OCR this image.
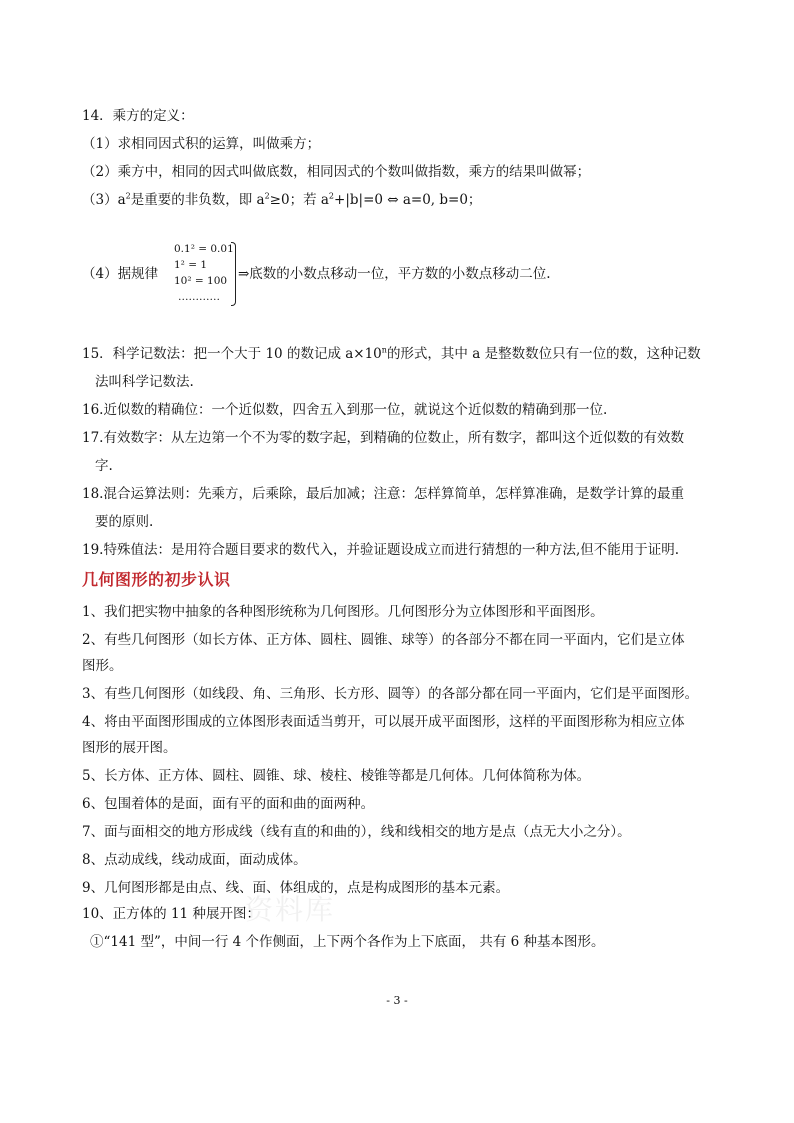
14．乘方的定义：
（1）求相同因式积的运算，叫做乘方；
（2）乘方中，相同的因式叫做底数，相同因式的个数叫做指数，乘方的结果叫做幂；
$(3)a^2$是重要的非负数，即 $a^2\ge 0$；若 $a^2+|b|=0$ ⇔ a=0, b=0；
（4）据规律
0.1² = 0.01
1² = 1
10² = 100
…………
⇒底数的小数点移动一位，平方数的小数点移动二位.
15．科学记数法：把一个大于 10 的数记成 $a\times 10^n$的形式，其中 a 是整数数位只有一位的数，这种记数
法叫科学记数法.
16.近似数的精确位：一个近似数，四舍五入到那一位，就说这个近似数的精确到那一位.
17.有效数字：从左边第一个不为零的数字起，到精确的位数止，所有数字，都叫这个近似数的有效数
字.
18.混合运算法则：先乘方，后乘除，最后加减；注意：怎样算简单，怎样算准确，是数学计算的最重
要的原则.
19.特殊值法：是用符合题目要求的数代入，并验证题设成立而进行猜想的一种方法,但不能用于证明.
几何图形的初步认识
1、我们把实物中抽象的各种图形统称为几何图形。几何图形分为立体图形和平面图形。
2、有些几何图形（如长方体、正方体、圆柱、圆锥、球等）的各部分不都在同一平面内，它们是立体
图形。
3、有些几何图形（如线段、角、三角形、长方形、圆等）的各部分都在同一平面内，它们是平面图形。
4、将由平面图形围成的立体图形表面适当剪开，可以展开成平面图形，这样的平面图形称为相应立体
图形的展开图。
5、长方体、正方体、圆柱、圆锥、球、棱柱、棱锥等都是几何体。几何体简称为体。
6、包围着体的是面，面有平的面和曲的面两种。
7、面与面相交的地方形成线（线有直的和曲的），线和线相交的地方是点（点无大小之分）。
8、点动成线，线动成面，面动成体。
9、几何图形都是由点、线、面、体组成的，点是构成图形的基本元素。
10、正方体的 11 种展开图：
①“141 型”，中间一行 4 个作侧面，上下两个各作为上下底面， 共有 6 种基本图形。
资料库
- 3 -
